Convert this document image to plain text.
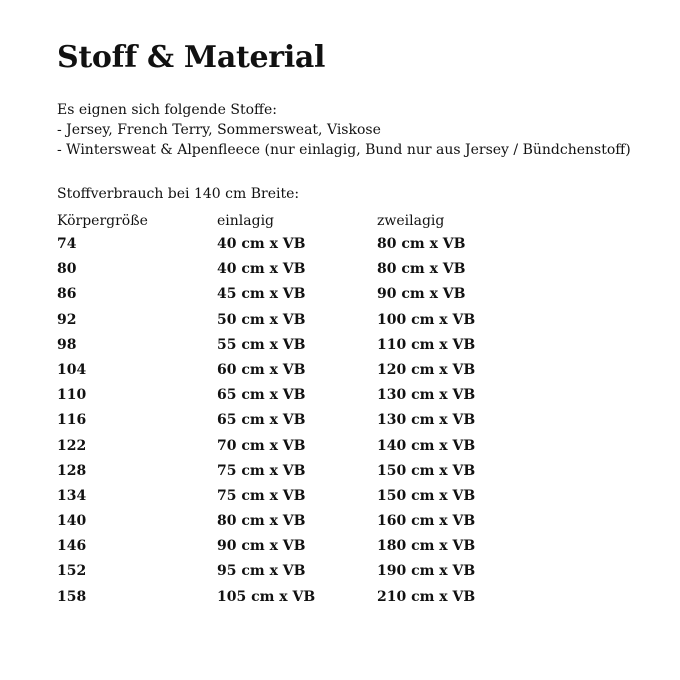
Stoff & Material

Es eignen sich folgende Stoffe:

- Jersey, French Terry, Sommersweat, Viskose
- Wintersweat & Alpenfleece (nur einlagig, Bund nur aus Jersey / Bündchenstoff)

Stoffverbrauch bei 140 cm Breite:

Körpergröße	einlagig	zweilagig
74	40 cm x VB	80 cm x VB
80	40 cm x VB	80 cm x VB
86	45 cm x VB	90 cm x VB
92	50 cm x VB	100 cm x VB
98	55 cm x VB	110 cm x VB
104	60 cm x VB	120 cm x VB
110	65 cm x VB	130 cm x VB
116	65 cm x VB	130 cm x VB
122	70 cm x VB	140 cm x VB
128	75 cm x VB	150 cm x VB
134	75 cm x VB	150 cm x VB
140	80 cm x VB	160 cm x VB
146	90 cm x VB	180 cm x VB
152	95 cm x VB	190 cm x VB
158	105 cm x VB	210 cm x VB
